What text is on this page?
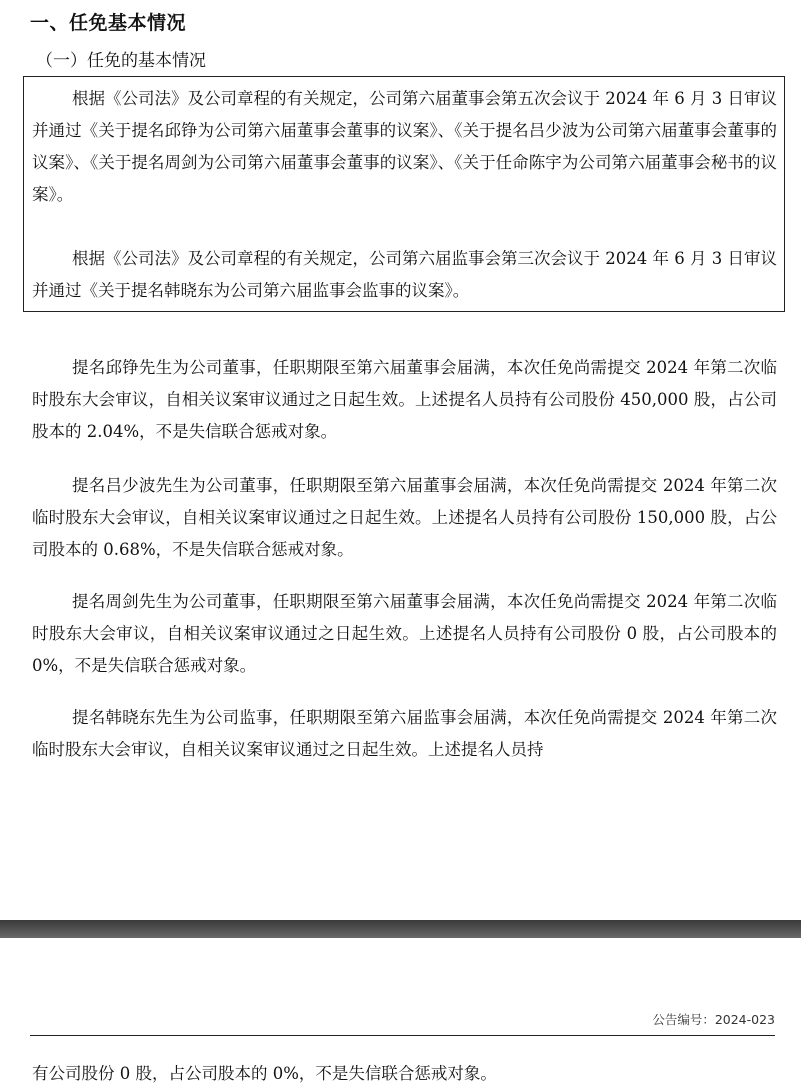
一、任免基本情况
（一）任免的基本情况

根据《公司法》及公司章程的有关规定，公司第六届董事会第五次会议于 2024 年 6 月 3 日审议并通过《关于提名邱铮为公司第六届董事会董事的议案》、《关于提名吕少波为公司第六届董事会董事的议案》、《关于提名周剑为公司第六届董事会董事的议案》、《关于任命陈宇为公司第六届董事会秘书的议案》。

根据《公司法》及公司章程的有关规定，公司第六届监事会第三次会议于 2024 年 6 月 3 日审议并通过《关于提名韩晓东为公司第六届监事会监事的议案》。

提名邱铮先生为公司董事，任职期限至第六届董事会届满，本次任免尚需提交 2024 年第二次临时股东大会审议，自相关议案审议通过之日起生效。上述提名人员持有公司股份 450,000 股，占公司股本的 2.04%，不是失信联合惩戒对象。

提名吕少波先生为公司董事，任职期限至第六届董事会届满，本次任免尚需提交 2024 年第二次临时股东大会审议，自相关议案审议通过之日起生效。上述提名人员持有公司股份 150,000 股，占公司股本的 0.68%，不是失信联合惩戒对象。

提名周剑先生为公司董事，任职期限至第六届董事会届满，本次任免尚需提交 2024 年第二次临时股东大会审议，自相关议案审议通过之日起生效。上述提名人员持有公司股份 0 股，占公司股本的 0%，不是失信联合惩戒对象。

提名韩晓东先生为公司监事，任职期限至第六届监事会届满，本次任免尚需提交 2024 年第二次临时股东大会审议，自相关议案审议通过之日起生效。上述提名人员持

公告编号：2024-023

有公司股份 0 股，占公司股本的 0%，不是失信联合惩戒对象。
